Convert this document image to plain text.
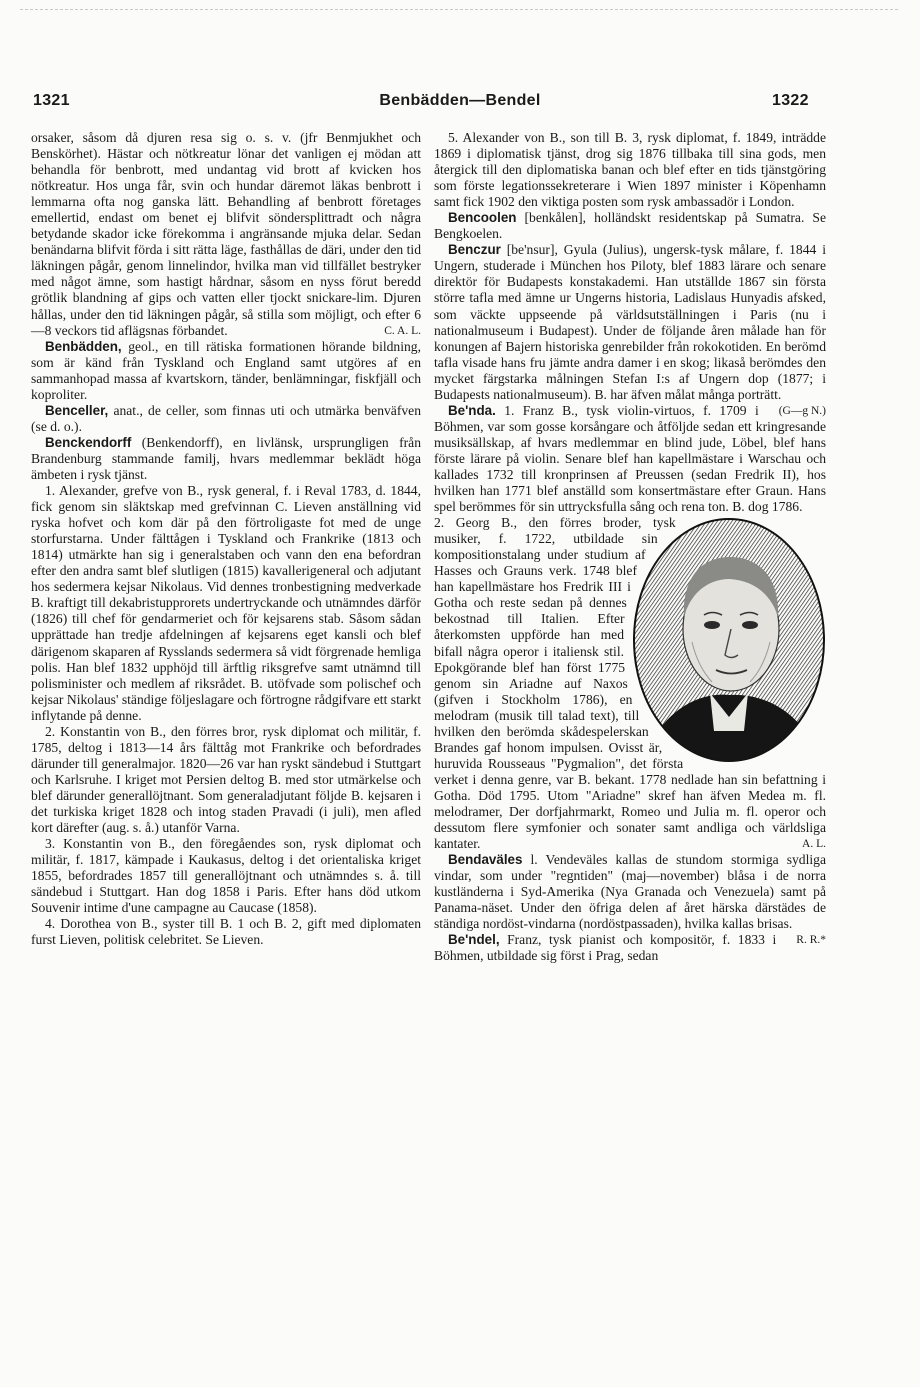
1321	Benbädden—Bendel	1322

orsaker, såsom då djuren resa sig o. s. v. (jfr Benmjukhet och Benskörhet). Hästar och nötkreatur lönar det vanligen ej mödan att behandla för benbrott, med undantag vid brott af kvicken hos nötkreatur. Hos unga får, svin och hundar däremot läkas benbrott i lemmarna ofta nog ganska lätt. Behandling af benbrott företages emellertid, endast om benet ej blifvit söndersplittradt och några betydande skador icke förekomma i angränsande mjuka delar. Sedan benändarna blifvit förda i sitt rätta läge, fasthållas de däri, under den tid läkningen pågår, genom linnelindor, hvilka man vid tillfället bestryker med något ämne, som hastigt hårdnar, såsom en nyss förut beredd grötlik blandning af gips och vatten eller tjockt snickare-lim. Djuren hållas, under den tid läkningen pågår, så stilla som möjligt, och efter 6—8 veckors tid aflägsnas förbandet.	C. A. L.

Benbädden, geol., en till rätiska formationen hörande bildning, som är känd från Tyskland och England samt utgöres af en sammanhopad massa af kvartskorn, tänder, benlämningar, fiskfjäll och koproliter.

Benceller, anat., de celler, som finnas uti och utmärka benväfven (se d. o.).

Benckendorff (Benkendorff), en livlänsk, ursprungligen från Brandenburg stammande familj, hvars medlemmar beklädt höga ämbeten i rysk tjänst.

1. Alexander, grefve von B., rysk general, f. i Reval 1783, d. 1844, fick genom sin släktskap med grefvinnan C. Lieven anställning vid ryska hofvet och kom där på den förtroligaste fot med de unge storfurstarna. Under fälttågen i Tyskland och Frankrike (1813 och 1814) utmärkte han sig i generalstaben och vann den ena befordran efter den andra samt blef slutligen (1815) kavallerigeneral och adjutant hos sedermera kejsar Nikolaus. Vid dennes tronbestigning medverkade B. kraftigt till dekabristupprorets undertryckande och utnämndes därför (1826) till chef för gendarmeriet och för kejsarens stab. Såsom sådan upprättade han tredje afdelningen af kejsarens eget kansli och blef därigenom skaparen af Rysslands sedermera så vidt förgrenade hemliga polis. Han blef 1832 upphöjd till ärftlig riksgrefve samt utnämnd till polisminister och medlem af riksrådet. B. utöfvade som polischef och kejsar Nikolaus' ständige följeslagare och förtrogne rådgifvare ett starkt inflytande på denne.

2. Konstantin von B., den förres bror, rysk diplomat och militär, f. 1785, deltog i 1813—14 års fälttåg mot Frankrike och befordrades därunder till generalmajor. 1820—26 var han ryskt sändebud i Stuttgart och Karlsruhe. I kriget mot Persien deltog B. med stor utmärkelse och blef därunder generallöjtnant. Som generaladjutant följde B. kejsaren i det turkiska kriget 1828 och intog staden Pravadi (i juli), men afled kort därefter (aug. s. å.) utanför Varna.

3. Konstantin von B., den föregåendes son, rysk diplomat och militär, f. 1817, kämpade i Kaukasus, deltog i det orientaliska kriget 1855, befordrades 1857 till generallöjtnant och utnämndes s. å. till sändebud i Stuttgart. Han dog 1858 i Paris. Efter hans död utkom Souvenir intime d'une campagne au Caucase (1858).

4. Dorothea von B., syster till B. 1 och B. 2, gift med diplomaten furst Lieven, politisk celebritet. Se Lieven.

5. Alexander von B., son till B. 3, rysk diplomat, f. 1849, inträdde 1869 i diplomatisk tjänst, drog sig 1876 tillbaka till sina gods, men återgick till den diplomatiska banan och blef efter en tids tjänstgöring som förste legationssekreterare i Wien 1897 minister i Köpenhamn samt fick 1902 den viktiga posten som rysk ambassadör i London.

Bencoolen [benkålen], holländskt residentskap på Sumatra. Se Bengkoelen.

Benczur [be'nsur], Gyula (Julius), ungersk-tysk målare, f. 1844 i Ungern, studerade i München hos Piloty, blef 1883 lärare och senare direktör för Budapests konstakademi. Han utställde 1867 sin första större tafla med ämne ur Ungerns historia, Ladislaus Hunyadis afsked, som väckte uppseende på världsutställningen i Paris (nu i nationalmuseum i Budapest). Under de följande åren målade han för konungen af Bajern historiska genrebilder från rokokotiden. En berömd tafla visade hans fru jämte andra damer i en skog; likaså berömdes den mycket färgstarka målningen Stefan I:s af Ungern dop (1877; i Budapests nationalmuseum). B. har äfven målat många porträtt.
(G—g N.)

Be'nda. 1. Franz B., tysk violin-virtuos, f. 1709 i Böhmen, var som gosse korsångare och åtföljde sedan ett kringresande musiksällskap, af hvars medlemmar en blind jude, Löbel, blef hans förste lärare på violin. Senare blef han kapellmästare i Warschau och kallades 1732 till kronprinsen af Preussen (sedan Fredrik II), hos hvilken han 1771 blef anställd som konsertmästare efter Graun. Hans spel berömmes för sin uttrycksfulla sång och rena ton. B. dog 1786.

2. Georg B., den förres broder, tysk musiker, f. 1722, utbildade sin kompositionstalang under studium af Hasses och Grauns verk. 1748 blef han kapellmästare hos Fredrik III i Gotha och reste sedan på dennes bekostnad till Italien. Efter återkomsten uppförde han med bifall några operor i italiensk stil. Epokgörande blef han först 1775 genom sin Ariadne auf Naxos (gifven i Stockholm 1786), en melodram (musik till talad text), till hvilken den berömda skådespelerskan Brandes gaf honom impulsen. Ovisst är, huruvida Rousseaus "Pygmalion", det första verket i denna genre, var B. bekant. 1778 nedlade han sin befattning i Gotha. Död 1795. Utom "Ariadne" skref han äfven Medea m. fl. melodramer, Der dorfjahrmarkt, Romeo und Julia m. fl. operor och dessutom flere symfonier och sonater samt andliga och världsliga kantater.	A. L.

Bendaväles l. Vendeväles kallas de stundom stormiga sydliga vindar, som under "regntiden" (maj—november) blåsa i de norra kustländerna i Syd-Amerika (Nya Granada och Venezuela) samt på Panama-näset. Under den öfriga delen af året härska därstädes de ständiga nordöst-vindarna (nordöstpassaden), hvilka kallas brisas.
R. R.*

Be'ndel, Franz, tysk pianist och kompositör, f. 1833 i Böhmen, utbildade sig först i Prag, sedan
